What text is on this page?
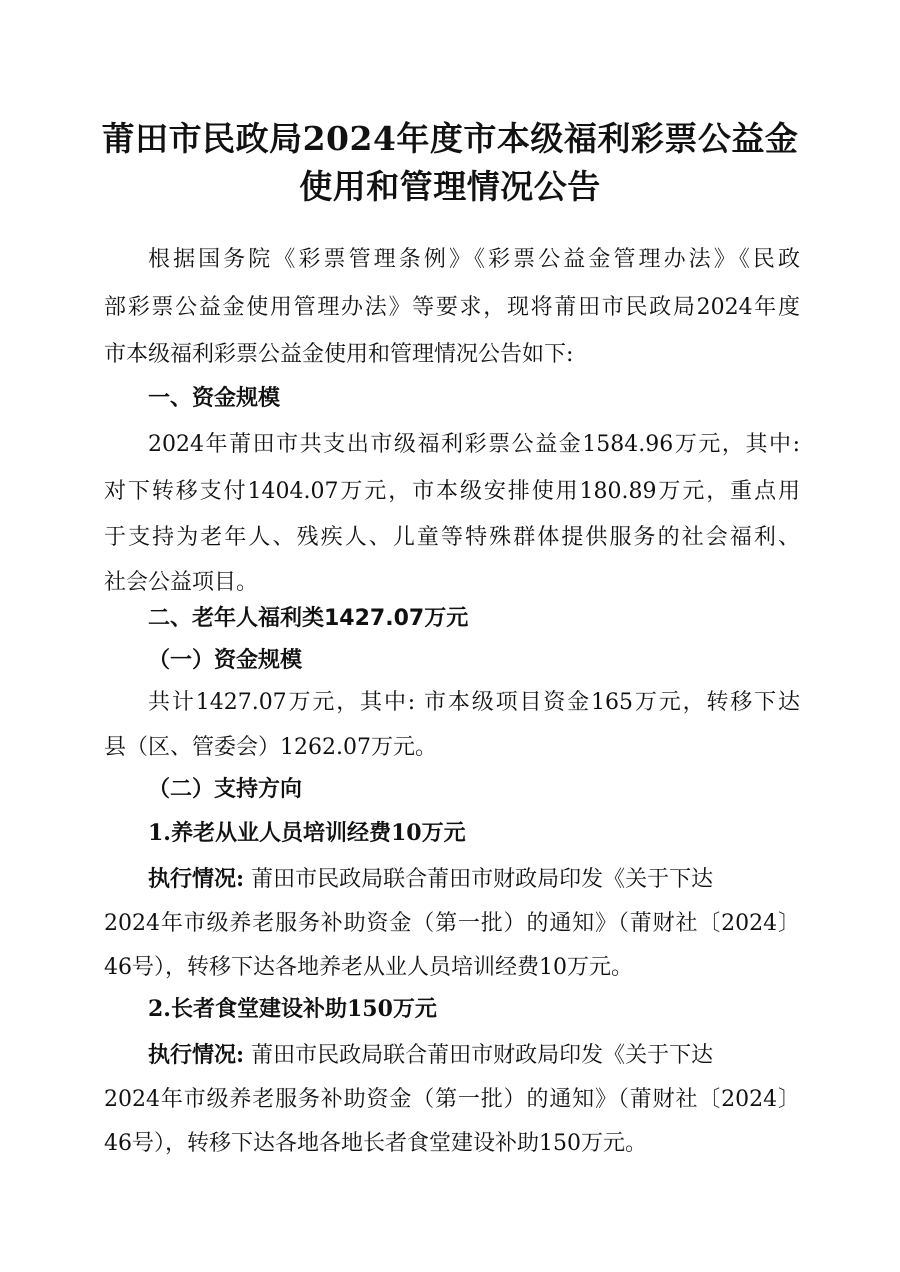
莆田市民政局2024年度市本级福利彩票公益金
使用和管理情况公告
根据国务院《彩票管理条例》《彩票公益金管理办法》《民政
部彩票公益金使用管理办法》等要求，现将莆田市民政局2024年度
市本级福利彩票公益金使用和管理情况公告如下:
一、资金规模
2024年莆田市共支出市级福利彩票公益金1584.96万元，其中:
对下转移支付1404.07万元，市本级安排使用180.89万元，重点用
于支持为老年人、残疾人、儿童等特殊群体提供服务的社会福利、
社会公益项目。
二、老年人福利类1427.07万元
（一）资金规模
共计1427.07万元，其中: 市本级项目资金165万元，转移下达
县（区、管委会）1262.07万元。
（二）支持方向
1.养老从业人员培训经费10万元
执行情况: 莆田市民政局联合莆田市财政局印发《关于下达
2024年市级养老服务补助资金（第一批）的通知》（莆财社〔2024〕
46号），转移下达各地养老从业人员培训经费10万元。
2.长者食堂建设补助150万元
执行情况: 莆田市民政局联合莆田市财政局印发《关于下达
2024年市级养老服务补助资金（第一批）的通知》（莆财社〔2024〕
46号），转移下达各地各地长者食堂建设补助150万元。
